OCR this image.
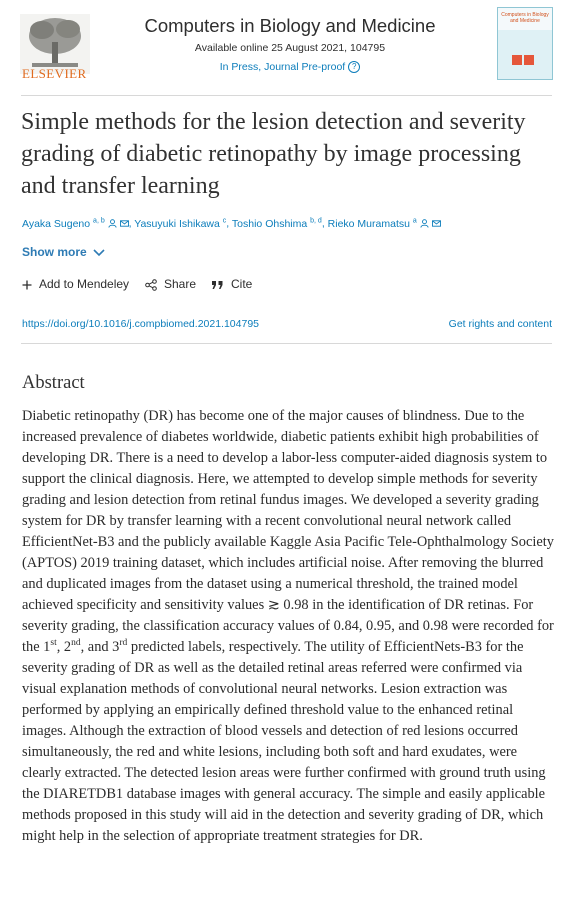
ELSEVIER
Computers in Biology and Medicine
Available online 25 August 2021, 104795
In Press, Journal Pre-proof ?
Computers in Biology and Medicine
Simple methods for the lesion detection and severity grading of diabetic retinopathy by image processing and transfer learning
Ayaka Sugeno $^{a, b}$ , Yasuyuki Ishikawa $^c$, Toshio Ohshima $^{b, d}$, Rieko Muramatsu $^a$
Show more
Add to Mendeley	Share	Cite
https://doi.org/10.1016/j.compbiomed.2021.104795	Get rights and content
Abstract
Diabetic retinopathy (DR) has become one of the major causes of blindness. Due to the increased prevalence of diabetes worldwide, diabetic patients exhibit high probabilities of developing DR. There is a need to develop a labor-less computer-aided diagnosis system to support the clinical diagnosis. Here, we attempted to develop simple methods for severity grading and lesion detection from retinal fundus images. We developed a severity grading system for DR by transfer learning with a recent convolutional neural network called EfficientNet-B3 and the publicly available Kaggle Asia Pacific Tele-Ophthalmology Society (APTOS) 2019 training dataset, which includes artificial noise. After removing the blurred and duplicated images from the dataset using a numerical threshold, the trained model achieved specificity and sensitivity values ≳ 0.98 in the identification of DR retinas. For severity grading, the classification accuracy values of 0.84, 0.95, and 0.98 were recorded for the 1st, 2nd, and 3rd predicted labels, respectively. The utility of EfficientNets-B3 for the severity grading of DR as well as the detailed retinal areas referred were confirmed via visual explanation methods of convolutional neural networks. Lesion extraction was performed by applying an empirically defined threshold value to the enhanced retinal images. Although the extraction of blood vessels and detection of red lesions occurred simultaneously, the red and white lesions, including both soft and hard exudates, were clearly extracted. The detected lesion areas were further confirmed with ground truth using the DIARETDB1 database images with general accuracy. The simple and easily applicable methods proposed in this study will aid in the detection and severity grading of DR, which might help in the selection of appropriate treatment strategies for DR.
